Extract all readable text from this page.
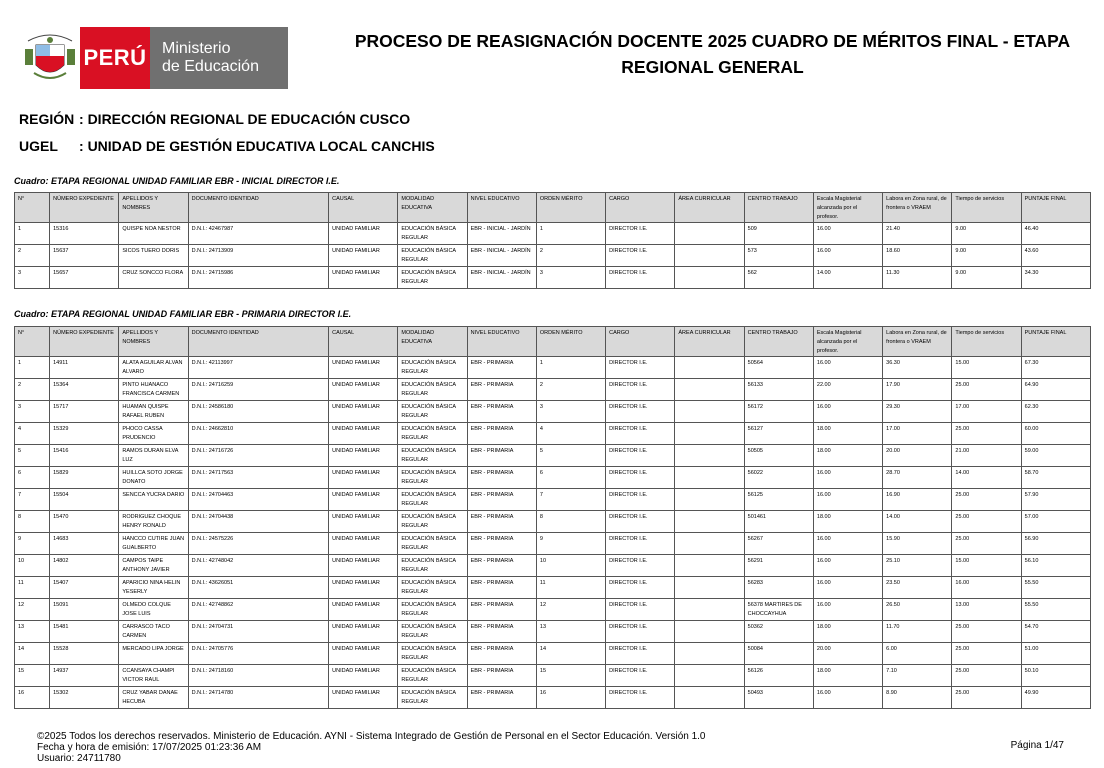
PERÚ Ministerio
de Educación
PROCESO DE REASIGNACIÓN DOCENTE 2025 CUADRO DE MÉRITOS FINAL - ETAPA
REGIONAL GENERAL
REGIÓN : DIRECCIÓN REGIONAL DE EDUCACIÓN CUSCO
UGEL : UNIDAD DE GESTIÓN EDUCATIVA LOCAL CANCHIS
Cuadro: ETAPA REGIONAL UNIDAD FAMILIAR EBR - INICIAL DIRECTOR I.E.
N°	NÚMERO EXPEDIENTE	APELLIDOS Y NOMBRES	DOCUMENTO IDENTIDAD	CAUSAL	MODALIDAD EDUCATIVA	NIVEL EDUCATIVO	ORDEN MÉRITO	CARGO	ÁREA CURRICULAR	CENTRO TRABAJO	Escala Magisterial alcanzada por el profesor.	Labora en Zona rural, de frontera o VRAEM	Tiempo de servicios	PUNTAJE FINAL
1	15316	QUISPE NOA NESTOR	D.N.I.: 42467987	UNIDAD FAMILIAR	EDUCACIÓN BÁSICA REGULAR	EBR - INICIAL - JARDÍN	1	DIRECTOR I.E.		509	16.00	21.40	9.00	46.40
2	15637	SICOS TUERO DORIS	D.N.I.: 24713909	UNIDAD FAMILIAR	EDUCACIÓN BÁSICA REGULAR	EBR - INICIAL - JARDÍN	2	DIRECTOR I.E.		573	16.00	18.60	9.00	43.60
3	15657	CRUZ SONCCO FLORA	D.N.I.: 24715986	UNIDAD FAMILIAR	EDUCACIÓN BÁSICA REGULAR	EBR - INICIAL - JARDÍN	3	DIRECTOR I.E.		562	14.00	11.30	9.00	34.30
Cuadro: ETAPA REGIONAL UNIDAD FAMILIAR EBR - PRIMARIA DIRECTOR I.E.
N°	NÚMERO EXPEDIENTE	APELLIDOS Y NOMBRES	DOCUMENTO IDENTIDAD	CAUSAL	MODALIDAD EDUCATIVA	NIVEL EDUCATIVO	ORDEN MÉRITO	CARGO	ÁREA CURRICULAR	CENTRO TRABAJO	Escala Magisterial alcanzada por el profesor.	Labora en Zona rural, de frontera o VRAEM	Tiempo de servicios	PUNTAJE FINAL
1	14911	ALATA AGUILAR ALVAN ALVARO	D.N.I.: 42113997	UNIDAD FAMILIAR	EDUCACIÓN BÁSICA REGULAR	EBR - PRIMARIA	1	DIRECTOR I.E.		50564	16.00	36.30	15.00	67.30
2	15364	PINTO HUANACO FRANCISCA CARMEN	D.N.I.: 24716259	UNIDAD FAMILIAR	EDUCACIÓN BÁSICA REGULAR	EBR - PRIMARIA	2	DIRECTOR I.E.		56133	22.00	17.90	25.00	64.90
3	15717	HUAMAN QUISPE RAFAEL RUBEN	D.N.I.: 24586180	UNIDAD FAMILIAR	EDUCACIÓN BÁSICA REGULAR	EBR - PRIMARIA	3	DIRECTOR I.E.		56172	16.00	29.30	17.00	62.30
4	15329	PHOCO CASSA PRUDENCIO	D.N.I.: 24662810	UNIDAD FAMILIAR	EDUCACIÓN BÁSICA REGULAR	EBR - PRIMARIA	4	DIRECTOR I.E.		56127	18.00	17.00	25.00	60.00
5	15416	RAMOS DURAN ELVA LUZ	D.N.I.: 24716726	UNIDAD FAMILIAR	EDUCACIÓN BÁSICA REGULAR	EBR - PRIMARIA	5	DIRECTOR I.E.		50505	18.00	20.00	21.00	59.00
6	15829	HUILLCA SOTO JORGE DONATO	D.N.I.: 24717563	UNIDAD FAMILIAR	EDUCACIÓN BÁSICA REGULAR	EBR - PRIMARIA	6	DIRECTOR I.E.		56022	16.00	28.70	14.00	58.70
7	15504	SENCCA YUCRA DARIO	D.N.I.: 24704463	UNIDAD FAMILIAR	EDUCACIÓN BÁSICA REGULAR	EBR - PRIMARIA	7	DIRECTOR I.E.		56125	16.00	16.90	25.00	57.90
8	15470	RODRIGUEZ CHOQUE HENRY RONALD	D.N.I.: 24704438	UNIDAD FAMILIAR	EDUCACIÓN BÁSICA REGULAR	EBR - PRIMARIA	8	DIRECTOR I.E.		501461	18.00	14.00	25.00	57.00
9	14683	HANCCO CUTIRE JUAN GUALBERTO	D.N.I.: 24575226	UNIDAD FAMILIAR	EDUCACIÓN BÁSICA REGULAR	EBR - PRIMARIA	9	DIRECTOR I.E.		56267	16.00	15.90	25.00	56.90
10	14802	CAMPOS TAIPE ANTHONY JAVIER	D.N.I.: 42748042	UNIDAD FAMILIAR	EDUCACIÓN BÁSICA REGULAR	EBR - PRIMARIA	10	DIRECTOR I.E.		56291	16.00	25.10	15.00	56.10
11	15407	APARICIO NINA HELIN YESERLY	D.N.I.: 43626051	UNIDAD FAMILIAR	EDUCACIÓN BÁSICA REGULAR	EBR - PRIMARIA	11	DIRECTOR I.E.		56283	16.00	23.50	16.00	55.50
12	15091	OLMEDO COLQUE JOSE LUIS	D.N.I.: 42748862	UNIDAD FAMILIAR	EDUCACIÓN BÁSICA REGULAR	EBR - PRIMARIA	12	DIRECTOR I.E.		56378 MARTIRES DE CHOCCAYHUA	16.00	26.50	13.00	55.50
13	15481	CARRASCO TACO CARMEN	D.N.I.: 24704731	UNIDAD FAMILIAR	EDUCACIÓN BÁSICA REGULAR	EBR - PRIMARIA	13	DIRECTOR I.E.		50362	18.00	11.70	25.00	54.70
14	15528	MERCADO LIPA JORGE	D.N.I.: 24705776	UNIDAD FAMILIAR	EDUCACIÓN BÁSICA REGULAR	EBR - PRIMARIA	14	DIRECTOR I.E.		50084	20.00	6.00	25.00	51.00
15	14937	CCANSAYA CHAMPI VICTOR RAUL	D.N.I.: 24718160	UNIDAD FAMILIAR	EDUCACIÓN BÁSICA REGULAR	EBR - PRIMARIA	15	DIRECTOR I.E.		56126	18.00	7.10	25.00	50.10
16	15302	CRUZ YABAR DANAE HECUBA	D.N.I.: 24714780	UNIDAD FAMILIAR	EDUCACIÓN BÁSICA REGULAR	EBR - PRIMARIA	16	DIRECTOR I.E.		50493	16.00	8.90	25.00	49.90
©2025 Todos los derechos reservados. Ministerio de Educación. AYNI - Sistema Integrado de Gestión de Personal en el Sector Educación. Versión 1.0
Fecha y hora de emisión: 17/07/2025 01:23:36 AM
Usuario: 24711780
Página 1/47
